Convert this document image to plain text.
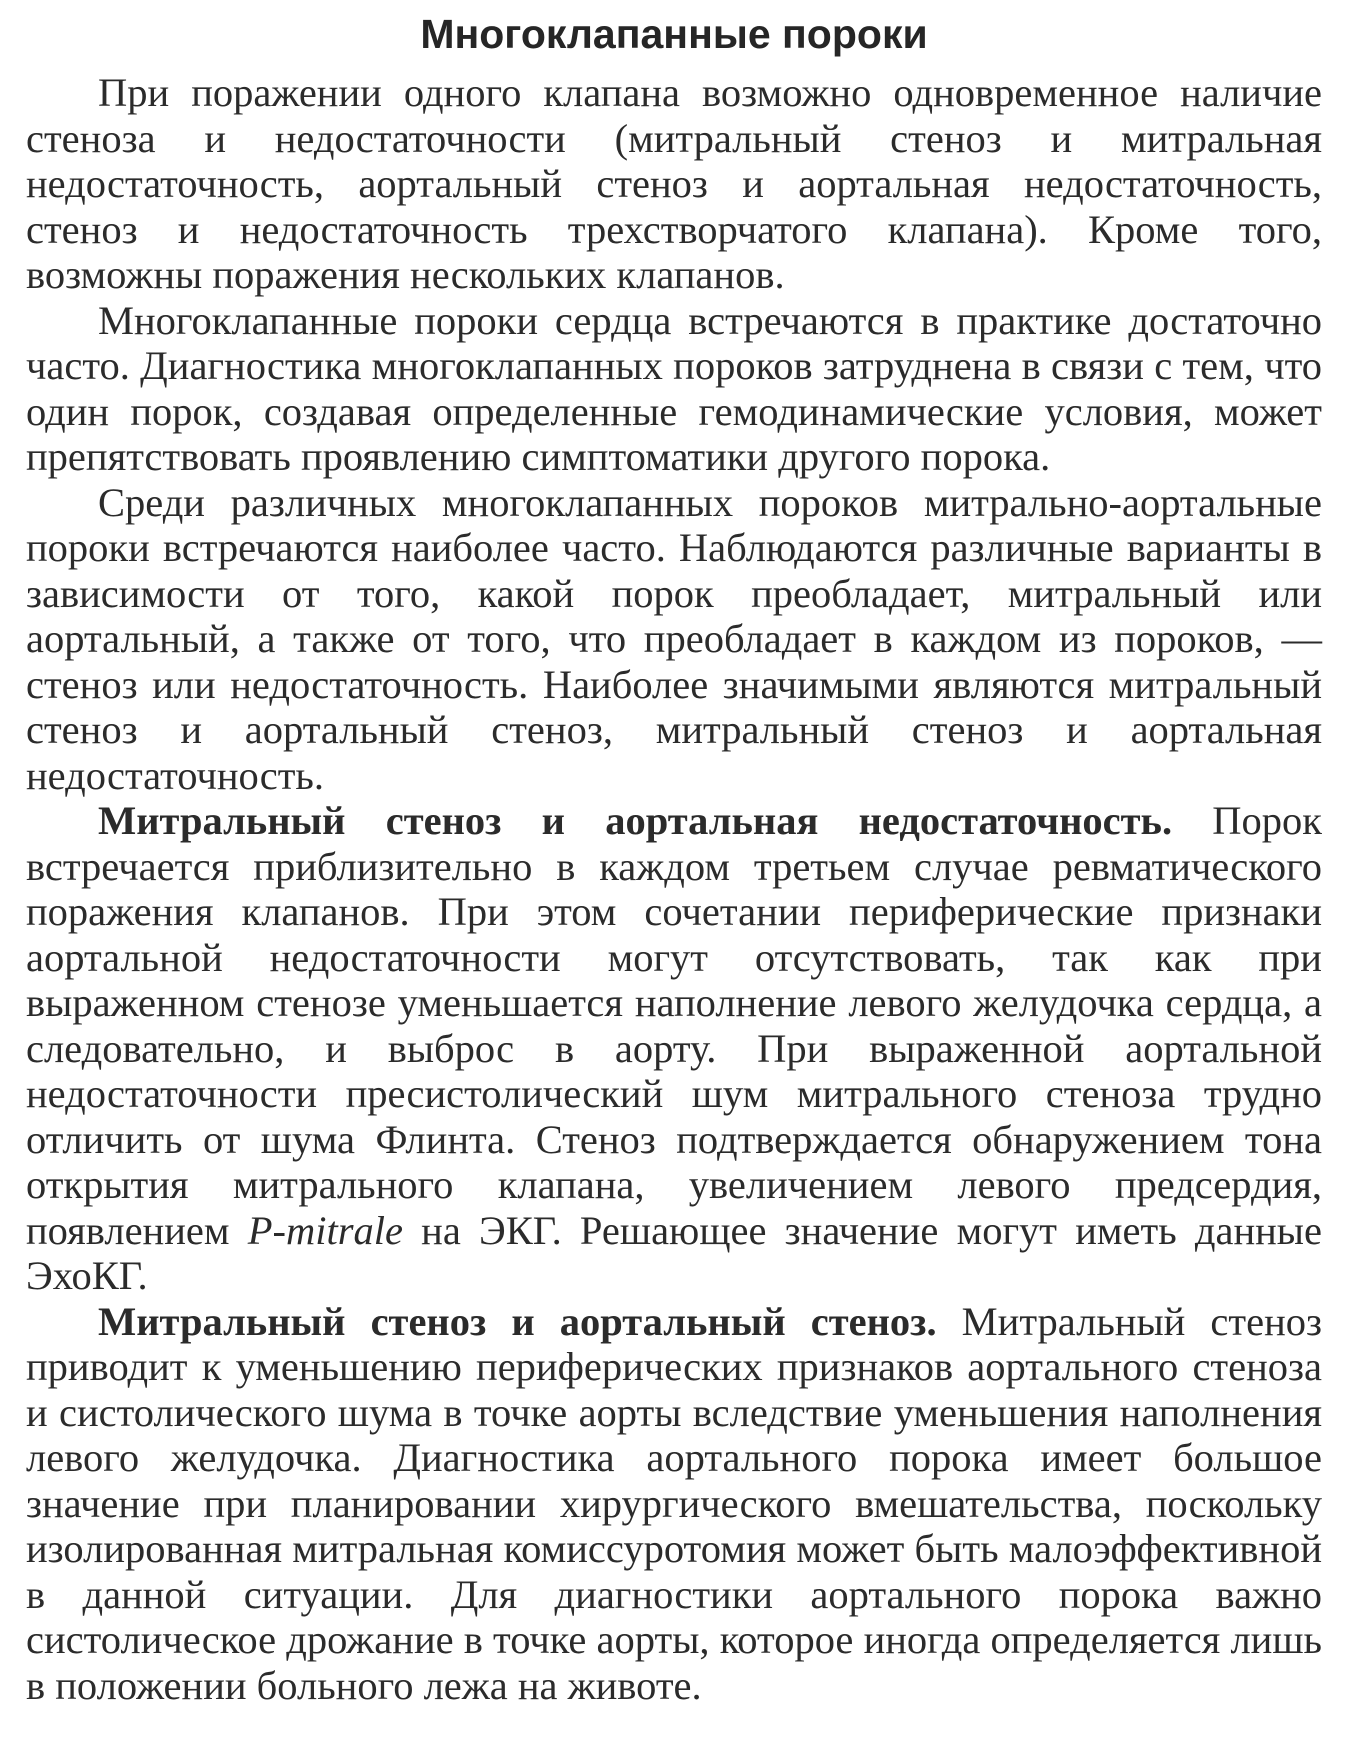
Многоклапанные пороки

При поражении одного клапана возможно одновременное наличие стеноза и недостаточности (митральный стеноз и митральная недостаточность, аортальный стеноз и аортальная недостаточность, стеноз и недостаточность трехстворчатого клапана). Кроме того, возможны поражения нескольких клапанов.

Многоклапанные пороки сердца встречаются в практике достаточно часто. Диагностика многоклапанных пороков затруднена в связи с тем, что один порок, создавая определенные гемодинамические условия, может препятствовать проявлению симптоматики другого порока.

Среди различных многоклапанных пороков митрально-аортальные пороки встречаются наиболее часто. Наблюдаются различные варианты в зависимости от того, какой порок преобладает, митральный или аортальный, а также от того, что преобладает в каждом из пороков, — стеноз или недостаточность. Наиболее значимыми являются митральный стеноз и аортальный стеноз, митральный стеноз и аортальная недостаточность.

Митральный стеноз и аортальная недостаточность. Порок встречается приблизительно в каждом третьем случае ревматического поражения клапанов. При этом сочетании периферические признаки аортальной недостаточности могут отсутствовать, так как при выраженном стенозе уменьшается наполнение левого желудочка сердца, а следовательно, и выброс в аорту. При выраженной аортальной недостаточности пресистолический шум митрального стеноза трудно отличить от шума Флинта. Стеноз подтверждается обнаружением тона открытия митрального клапана, увеличением левого предсердия, появлением P-mitrale на ЭКГ. Решающее значение могут иметь данные ЭхоКГ.

Митральный стеноз и аортальный стеноз. Митральный стеноз приводит к уменьшению периферических признаков аортального стеноза и систолического шума в точке аорты вследствие уменьшения наполнения левого желудочка. Диагностика аортального порока имеет большое значение при планировании хирургического вмешательства, поскольку изолированная митральная комиссуротомия может быть малоэффективной в данной ситуации. Для диагностики аортального порока важно систолическое дрожание в точке аорты, которое иногда определяется лишь в положении больного лежа на животе.
